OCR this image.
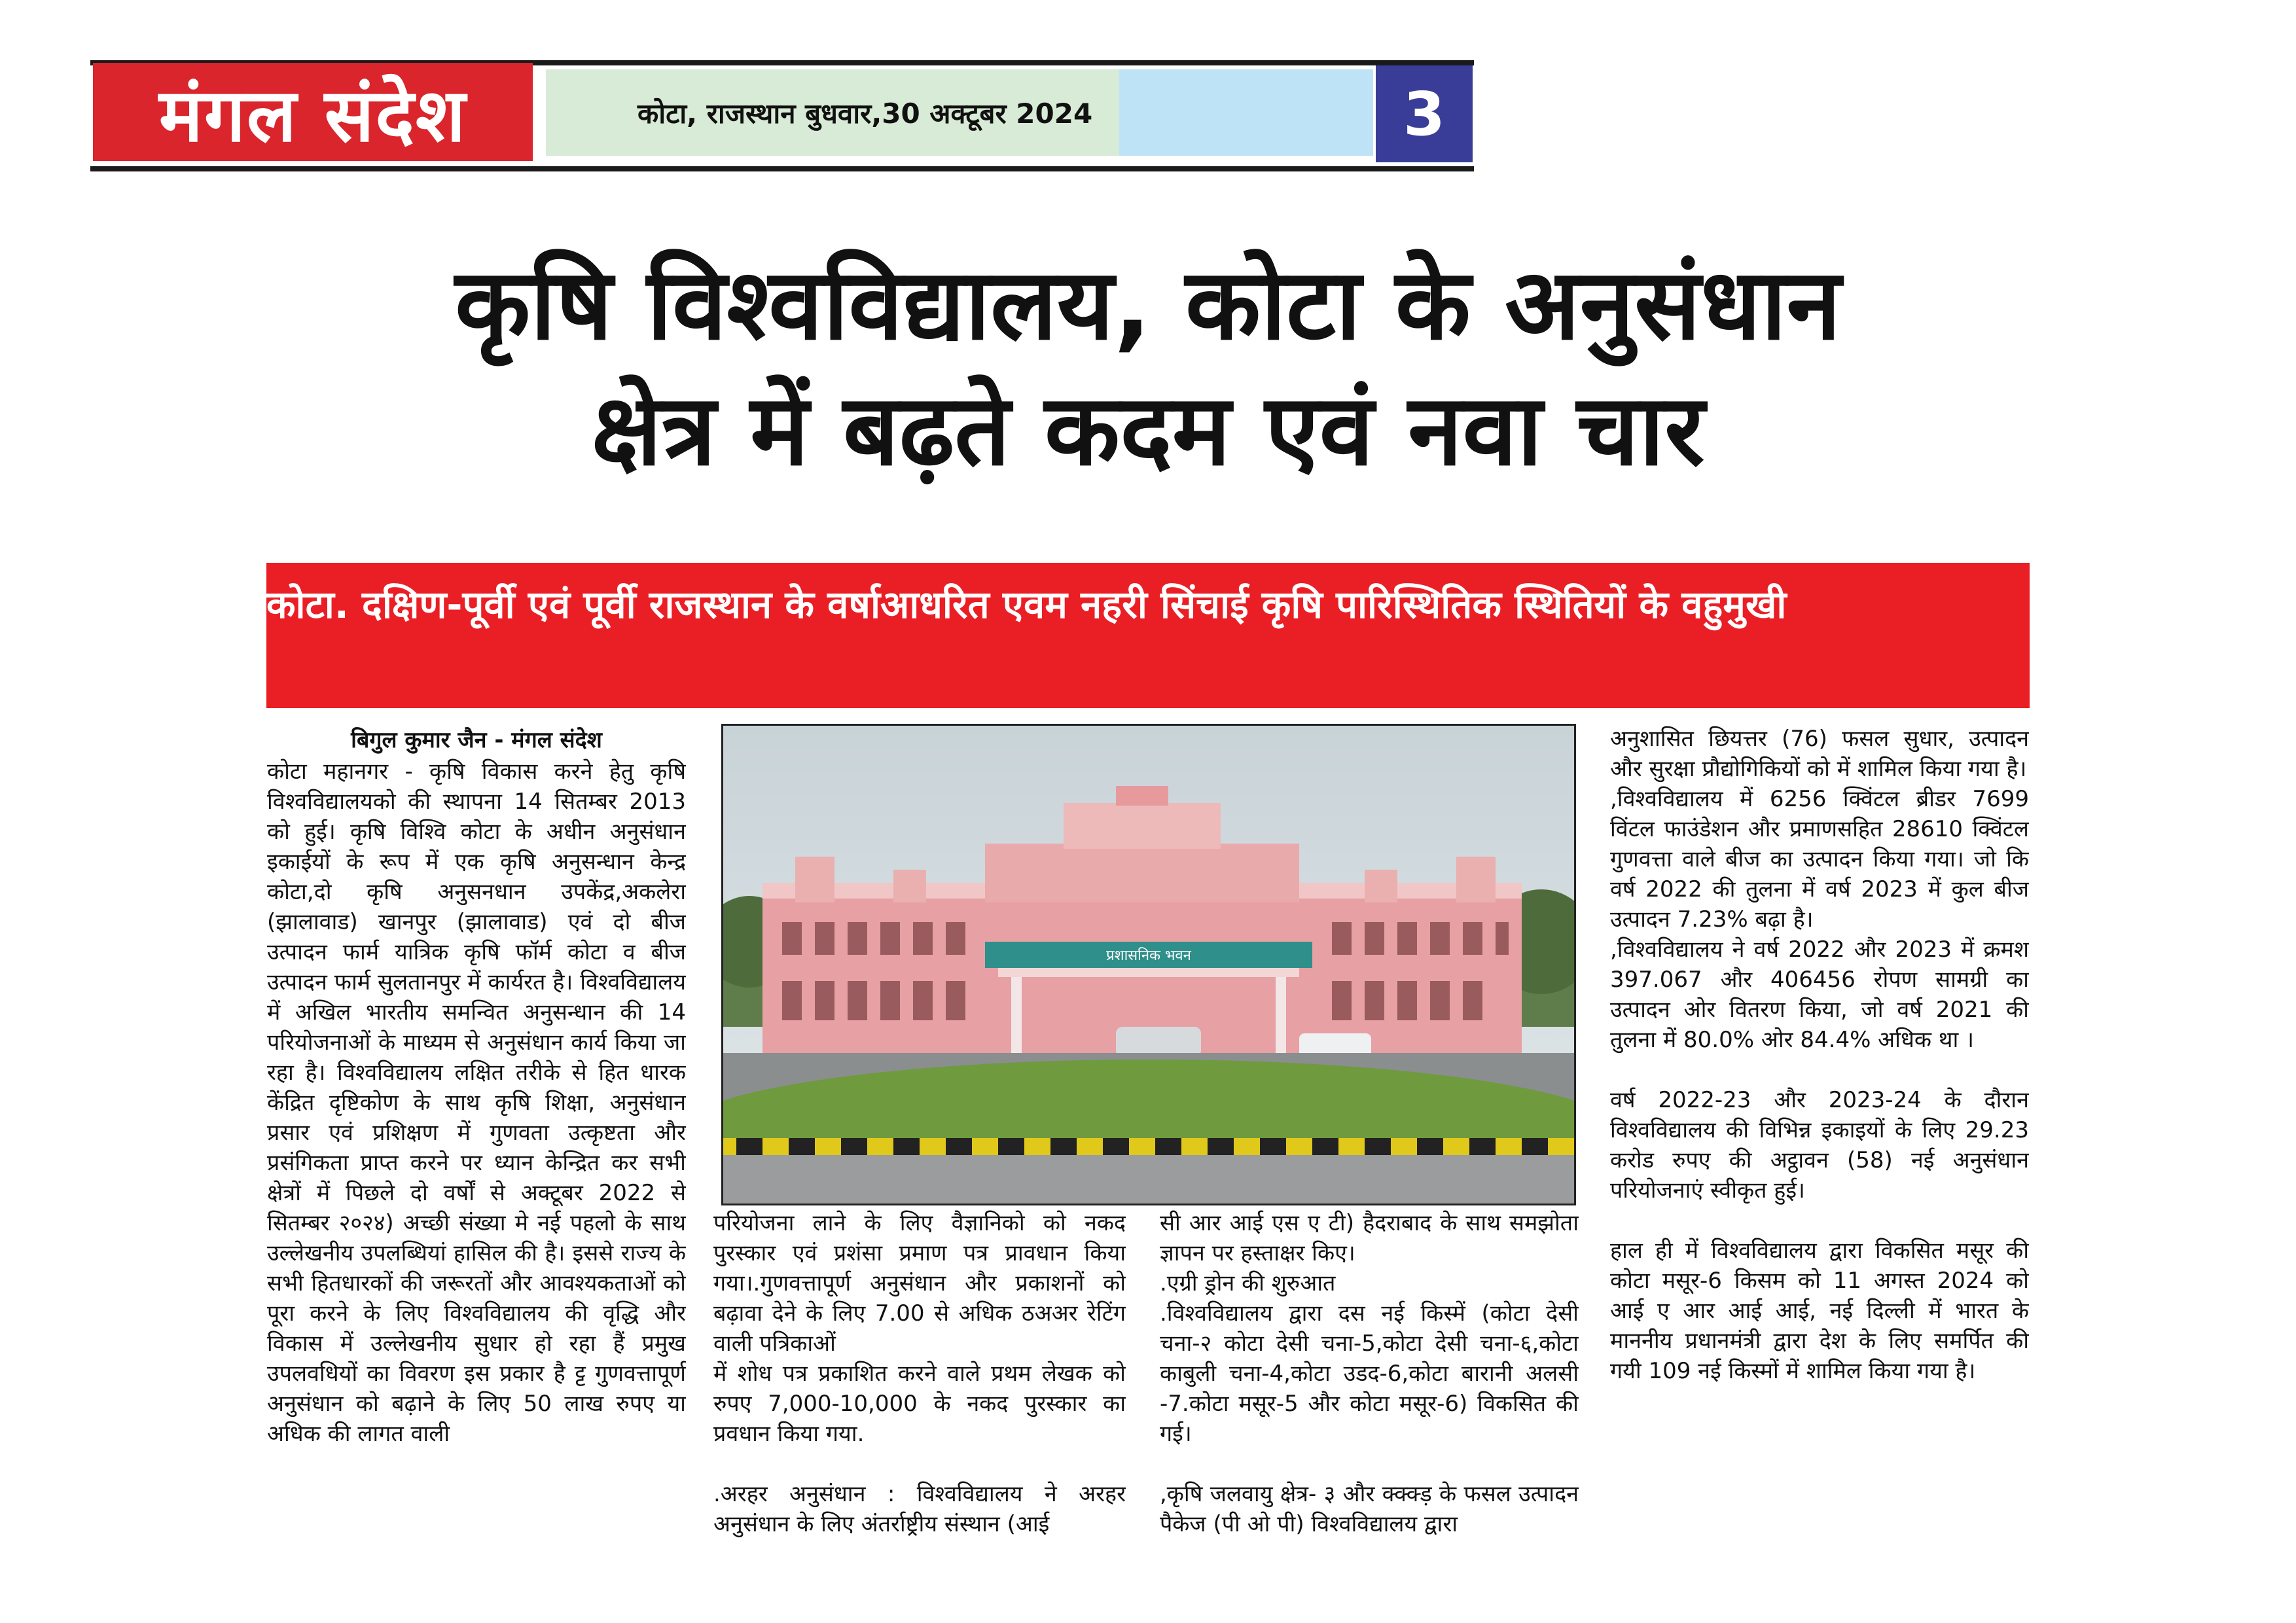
मंगल संदेश	कोटा, राजस्थान बुधवार,30 अक्टूबर 2024	3
कृषि विश्वविद्यालय, कोटा के अनुसंधान
क्षेत्र में बढ़ते कदम एवं नवा चार
कोटा. दक्षिण-पूर्वी एवं पूर्वी राजस्थान के वर्षाआधरित एवम नहरी सिंचाई कृषि पारिस्थितिक स्थितियों के वहुमुखी
बिगुल कुमार जैन - मंगल संदेश

कोटा महानगर - कृषि विकास करने हेतु कृषि विश्वविद्यालयको की स्थापना 14 सितम्बर 2013 को हुई। कृषि विश्वि कोटा के अधीन अनुसंधान इकाईयों के रूप में एक कृषि अनुसन्धान केन्द्र कोटा,दो कृषि अनुसनधान उपकेंद्र,अकलेरा (झालावाड) खानपुर (झालावाड) एवं दो बीज उत्पादन फार्म यात्रिक कृषि फॉर्म कोटा व बीज उत्पादन फार्म सुलतानपुर में कार्यरत है। विश्वविद्यालय में अखिल भारतीय समन्वित अनुसन्धान की 14 परियोजनाओं के माध्यम से अनुसंधान कार्य किया जा रहा है। विश्वविद्यालय लक्षित तरीके से हित धारक केंद्रित दृष्टिकोण के साथ कृषि शिक्षा, अनुसंधान प्रसार एवं प्रशिक्षण में गुणवता उत्कृष्टता और प्रसंगिकता प्राप्त करने पर ध्यान केन्द्रित कर सभी क्षेत्रों में पिछले दो वर्षों से अक्टूबर 2022 से सितम्बर २०२४) अच्छी संख्या मे नई पहलो के साथ उल्लेखनीय उपलब्धियां हासिल की है। इससे राज्य के सभी हितधारकों की जरूरतों और आवश्यकताओं को पूरा करने के लिए विश्वविद्यालय की वृद्धि और विकास में उल्लेखनीय सुधार हो रहा हैं प्रमुख उपलवधियों का विवरण इस प्रकार है ट्ट गुणवत्तापूर्ण अनुसंधान को बढ़ाने के लिए 50 लाख रुपए या अधिक की लागत वाली

प्रशासनिक भवन

परियोजना लाने के लिए वैज्ञानिको को नकद पुरस्कार एवं प्रशंसा प्रमाण पत्र प्रावधान किया गया।.गुणवत्तापूर्ण अनुसंधान और प्रकाशनों को बढ़ावा देने के लिए 7.00 से अधिक ठअअर रेटिंग वाली पत्रिकाओं

में शोध पत्र प्रकाशित करने वाले प्रथम लेखक को रुपए 7,000-10,000 के नकद पुरस्कार का प्रवधान किया गया.

.अरहर अनुसंधान : विश्वविद्यालय ने अरहर अनुसंधान के लिए अंतर्राष्ट्रीय संस्थान (आई

सी आर आई एस ए टी) हैदराबाद के साथ समझोता ज्ञापन पर हस्ताक्षर किए।

.एग्री ड्रोन की शुरुआत

.विश्वविद्यालय द्वारा दस नई किस्में (कोटा देसी चना-२ कोटा देसी चना-5,कोटा देसी चना-६,कोटा काबुली चना-4,कोटा उडद-6,कोटा बारानी अलसी -7.कोटा मसूर-5 और कोटा मसूर-6) विकसित की गई।

,कृषि जलवायु क्षेत्र- ३ और क्क्क्ड़ के फसल उत्पादन पैकेज (पी ओ पी) विश्वविद्यालय द्वारा

अनुशासित छियत्तर (76) फसल सुधार, उत्पादन और सुरक्षा प्रौद्योगिकियों को में शामिल किया गया है।

,विश्वविद्यालय में 6256 क्विंटल ब्रीडर 7699 विंटल फाउंडेशन और प्रमाणसहित 28610 क्विंटल गुणवत्ता वाले बीज का उत्पादन किया गया। जो कि वर्ष 2022 की तुलना में वर्ष 2023 में कुल बीज उत्पादन 7.23% बढ़ा है।

,विश्वविद्यालय ने वर्ष 2022 और 2023 में क्रमश 397.067 और 406456 रोपण सामग्री का उत्पादन ओर वितरण किया, जो वर्ष 2021 की तुलना में 80.0% ओर 84.4% अधिक था ।

वर्ष 2022-23 और 2023-24 के दौरान विश्वविद्यालय की विभिन्न इकाइयों के लिए 29.23 करोड रुपए की अट्ठावन (58) नई अनुसंधान परियोजनाएं स्वीकृत हुई।

हाल ही में विश्वविद्यालय द्वारा विकसित मसूर की कोटा मसूर-6 किसम को 11 अगस्त 2024 को आई ए आर आई आई, नई दिल्ली में भारत के माननीय प्रधानमंत्री द्वारा देश के लिए समर्पित की गयी 109 नई किस्मों में शामिल किया गया है।
